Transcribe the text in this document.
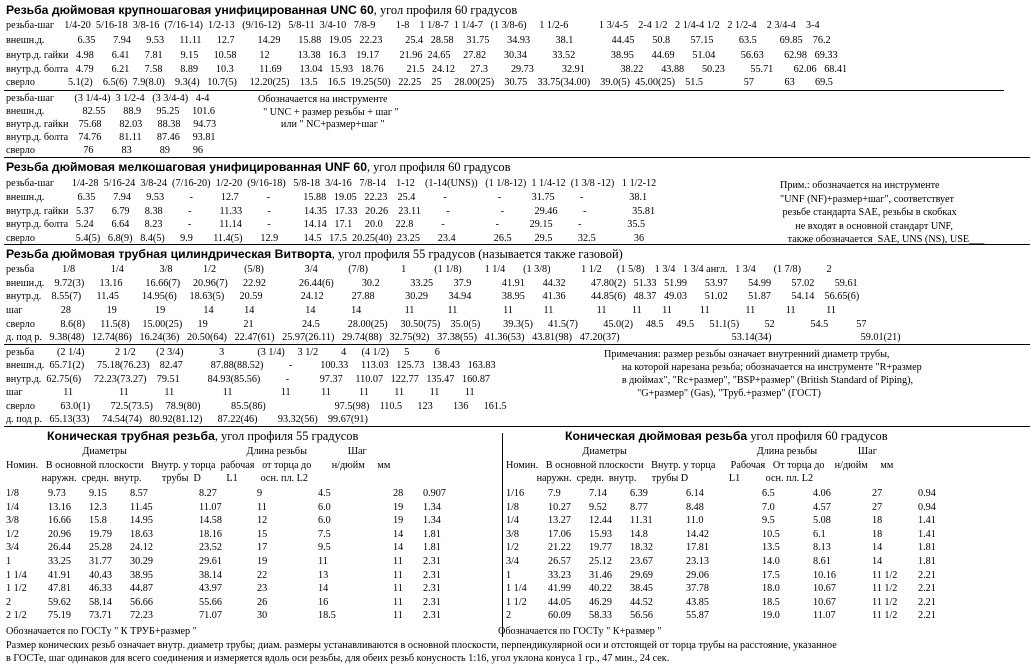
Резьба дюймовая крупношаговая унифицированная UNC 60, угол профиля 60 градусов
резьба-шаг    1/4-20  5/16-18  3/8-16  (7/16-14)  1/2-13   (9/16-12)   5/8-11  3/4-10   7/8-9        1-8    1 1/8-7  1 1/4-7   (1 3/8-6)     1 1/2-6            1 3/4-5    2-4 1/2   2 1/4-4 1/2   2 1/2-4    2 3/4-4    3-4
внешн.д.             6.35       7.94      9.53      11.11      12.7         14.29       15.88   19.05   22.23         25.4   28.58     31.75       34.93          38.1               44.45       50.8        57.15          63.5         69.85    76.2
внутр.д. гайки   4.98       6.41      7.81       9.15      10.58         12           13.38   16.3    19.17        21.96  24.65     27.82       30.34          33.52              38.95       44.69       51.04          56.63        62.98   69.33
внутр.д. болта   4.79       6.21      7.58       8.89       10.3          11.69       13.04   15.93   18.76         21.5   24.12      27.3         29.73           32.91              38.22       43.88       50.23          55.71        62.06   68.41
сверло             5.1(2)    6.5(6)  7.9(8.0)    9.3(4)   10.7(5)     12.20(25)    13.5    16.5  19.25(50)   22.25    25     28.00(25)    30.75    33.75(34.00)    39.0(5)  45.00(25)    51.5                57            63        69.5
резьба-шаг        (3 1/4-4)  3 1/2-4   (3 3/4-4)   4-4
внешн.д.               82.55       88.9      95.25     101.6
внутр.д. гайки    75.68       82.03      88.38     94.73
внутр.д. болта    74.76       81.11      87.46     93.81
сверло                   76           83           89         96
Обозначается на инструменте
" UNC + размер резьбы + шаг "
или " NC+размер+шаг "
Резьба дюймовая мелкошаговая унифицированная UNF 60, угол профиля 60 градусов
резьба-шаг       1/4-28  5/16-24  3/8-24  (7/16-20)  1/2-20  (9/16-18)   5/8-18  3/4-16   7/8-14    1-12    (1-14(UNS))   (1 1/8-12)  1 1/4-12  (1 3/8 -12)   1 1/2-12
внешн.д.             6.35       7.94      9.53          -           12.7           -             15.88   19.05   22.23    25.4           -                    -            31.75          -                  38.1
внутр.д. гайки   5.37       6.79      8.38          -           11.33          -             14.35   17.33   20.26    23.11          -                    -            29.46          -                  35.81
внутр.д. болта   5.24       6.64      8.23          -           11.14          -             14.14   17.1     20.0     22.8           -                    -            29.15          -                  35.5
сверло                5.4(5)   6.8(9)   8.4(5)      9.9        11.4(5)       12.9          14.5   17.5  20.25(40)  23.25       23.4               26.5         29.5          32.5               36
Прим.: обозначается на инструменте
"UNF (NF)+размер+шаг", соответствует
резьбе стандарта SAE, резьбы в скобках
не входят в основной стандарт UNF,
также обозначается  SAE, UNS (NS), USE___
Резьба дюймовая трубная цилиндрическая Витворта, угол профиля 55 градусов (называется также газовой)
резьба           1/8              1/4              3/8            1/2           (5/8)                3/4            (7/8)             1           (1 1/8)         1 1/4       (1 3/8)            1 1/2      (1 5/8)    1 3/4   1 3/4 англ.   1 3/4       (1 7/8)          2
внешн.д.    9.72(3)      13.16         16.66(7)     20.96(7)      22.92             26.44(6)           30.2            33.25        37.9            41.91       44.32          47.80(2)   51.33   51.99       53.97        54.99        57.02        59.61
внутр.д.    8.55(7)      11.45         14.95(6)     18.63(5)      20.59               24.12           27.88            30.29        34.94            38.95       41.36          44.85(6)   48.37   49.03       51.02        51.87        54.14    56.65(6)
шаг               28              19               19               14            14                    14              14                 11             11                  11            11                 11          11        11           11              11            11            11
сверло          8.6(8)      11.5(8)     15.00(25)      19              21                   24.5           28.00(25)     30.50(75)    35.0(5)         39.3(5)      41.5(7)          45.0(2)     48.5     49.5      51.1(5)          52              54.5           57
д. под р.   9.38(48)   12.74(86)   16.24(36)   20.50(64)   22.47(61)   25.97(26.11)   29.74(88)   32.75(92)   37.38(55)   41.36(53)   43.81(98)   47.20(37)                                            53.14(34)                                   59.01(21)
резьба         (2 1/4)            2 1/2        (2 3/4)              3             (3 1/4)     3 1/2         4      (4 1/2)      5          6
внешн.д.  65.71(2)     75.18(76.23)    82.47           87.88(88.52)          -           100.33     113.03   125.73   138.43   163.83
внутр.д.  62.75(6)     72.23(73.27)    79.51           84.93(85.56)          -            97.37     110.07   122.77   135.47   160.87
шаг                11                  11              11                   11                   11            11           11          11          11          11
сверло          63.0(1)        72.5(73.5)     78.9(80)            85.5(86)                           97.5(98)    110.5      123        136      161.5
д. под р.   65.13(33)     74.54(74)   80.92(81.12)      87.22(46)        93.32(56)    99.67(91)
Примечания: размер резьбы означает внутренний диаметр трубы,
на которой нарезана резьба; обозначается на инструменте "R+размер
в дюймах", "Rc+размер", "BSP+размер" (British Standard of Piping),
"G+размер" (Gas), "Труб.+размер" (ГОСТ)
Коническая трубная резьба, угол профиля 55 градусов
Диаметры                                               Длина резьбы                Шаг
Номин.   В основной плоскости   Внутр. у торца  рабочая   от торца до        н/дюйм     мм
наружн.  средн.  внутр.        трубы  D          L1         осн. пл. L2
1/8	9.73 9.15 8.57	8.27	9	4.5	28 0.907
1/4	13.16 12.3 11.45	11.07	11	6.0	19 1.34
3/8	16.66 15.8 14.95	14.58	12	6.0	19 1.34
1/2	20.96 19.79 18.63	18.16	15	7.5	14 1.81
3/4	26.44 25.28 24.12	23.52	17	9.5	14 1.81
1	33.25 31.77 30.29	29.61	19	11	11 2.31
1 1/4 41.91 40.43 38.95	38.14	22	13	11 2.31
1 1/2 47.81 46.33 44.87	43.97	23	14	11 2.31
2	59.62 58.14 56.66	55.66	26	16	11 2.31
2 1/2 75.19 73.71 72.23	71.07	30	18.5	11 2.31
Обозначается по ГОСТу " К ТРУБ+размер "
Коническая дюймовая резьба угол профиля 60 градусов
Диаметры                                                   Длина резьбы                Шаг
Номин.   В основной плоскости   Внутр. у торца      Рабочая   От торца до    н/дюйм     мм
наружн.  средн.  внутр.      трубы D                L1          осн. пл. L2
1/16 7.9	7.14 6.39	6.14	6.5	4.06	27	0.94
1/8	10.27 9.52 8.77	8.48	7.0	4.57	27	0.94
1/4	13.27 12.44 11.31	11.0	9.5	5.08	18	1.41
3/8	17.06 15.93 14.8	14.42	10.5	6.1	18	1.41
1/2	21.22 19.77 18.32	17.81	13.5	8.13	14	1.81
3/4	26.57 25.12 23.67	23.13	14.0	8.61	14	1.81
1	33.23 31.46 29.69	29.06	17.5	10.16	11 1/2 2.21
1 1/4 41.99 40.22 38.45	37.78	18.0	10.67	11 1/2 2.21
1 1/2 44.05 46.29 44.52	43.85	18.5	10.67	11 1/2 2.21
2	60.09 58.33 56.56	55.87	19.0	11.07	11 1/2 2.21
Обозначается по ГОСТу " К+размер "
Размер конических резьб означает внутр. диаметр трубы; диам. размеры устанавливаются в основной плоскости, перпендикулярной оси и отстоящей от торца трубы на расстояние, указанное
в ГОСТе, шаг одинаков для всего соединения и измеряется вдоль оси резьбы, для обеих резьб конусность 1:16, угол уклона конуса 1 гр., 47 мин., 24 сек.
